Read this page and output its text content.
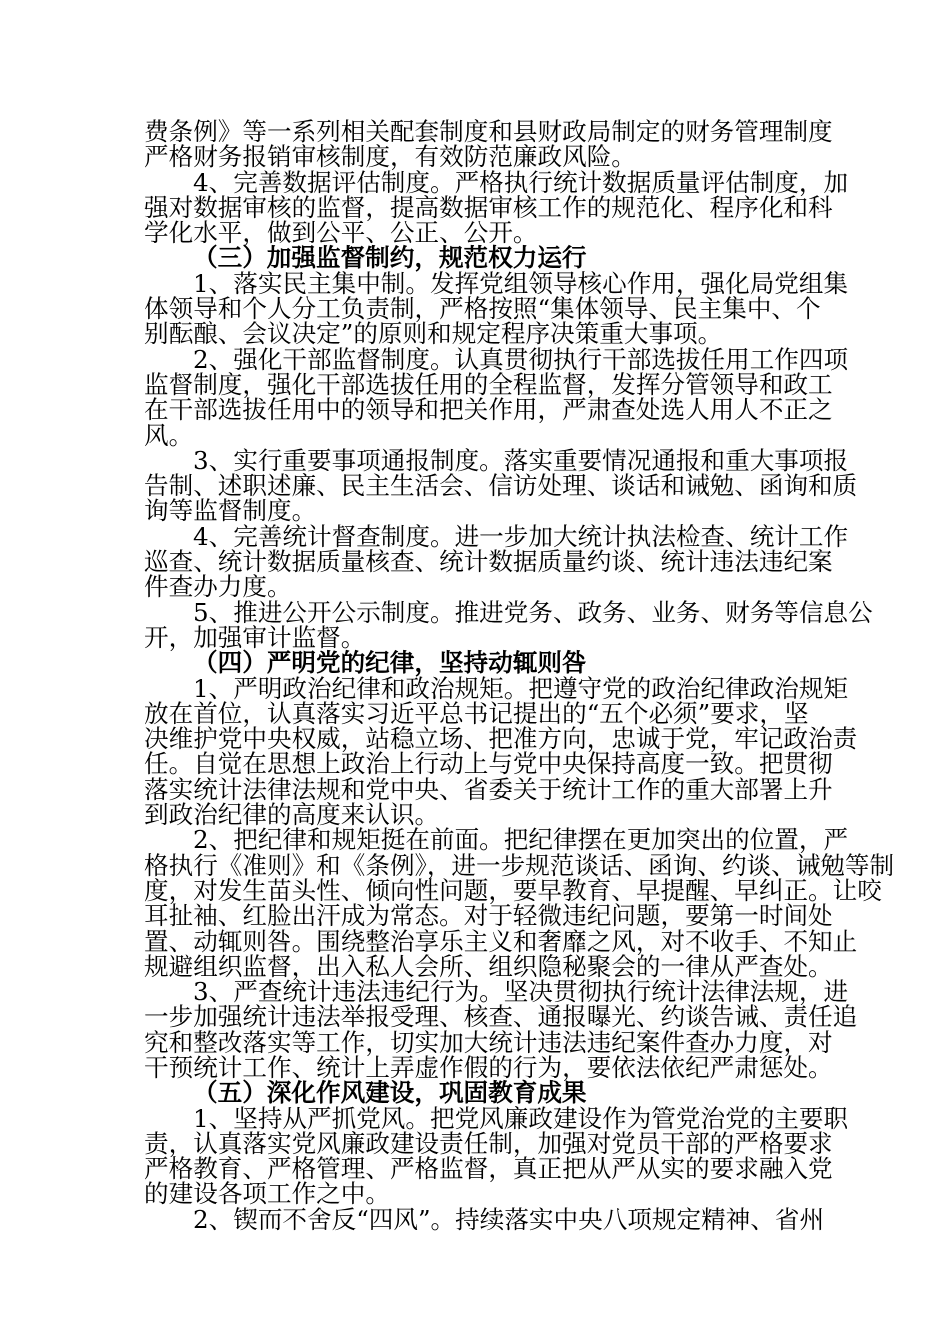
费条例》等一系列相关配套制度和县财政局制定的财务管理制度
严格财务报销审核制度，有效防范廉政风险。
4、完善数据评估制度。严格执行统计数据质量评估制度，加
强对数据审核的监督，提高数据审核工作的规范化、程序化和科
学化水平，做到公平、公正、公开。
（三）加强监督制约，规范权力运行
1、落实民主集中制。发挥党组领导核心作用，强化局党组集
体领导和个人分工负责制，严格按照“集体领导、民主集中、个
别酝酿、会议决定”的原则和规定程序决策重大事项。
2、强化干部监督制度。认真贯彻执行干部选拔任用工作四项
监督制度，强化干部选拔任用的全程监督，发挥分管领导和政工
在干部选拔任用中的领导和把关作用，严肃查处选人用人不正之
风。
3、实行重要事项通报制度。落实重要情况通报和重大事项报
告制、述职述廉、民主生活会、信访处理、谈话和诫勉、函询和质
询等监督制度。
4、完善统计督查制度。进一步加大统计执法检查、统计工作
巡查、统计数据质量核查、统计数据质量约谈、统计违法违纪案
件查办力度。
5、推进公开公示制度。推进党务、政务、业务、财务等信息公
开，加强审计监督。
（四）严明党的纪律，坚持动辄则咎
1、严明政治纪律和政治规矩。把遵守党的政治纪律政治规矩
放在首位，认真落实习近平总书记提出的“五个必须”要求，坚
决维护党中央权威，站稳立场、把准方向，忠诚于党，牢记政治责
任。自觉在思想上政治上行动上与党中央保持高度一致。把贯彻
落实统计法律法规和党中央、省委关于统计工作的重大部署上升
到政治纪律的高度来认识。
2、把纪律和规矩挺在前面。把纪律摆在更加突出的位置，严
格执行《准则》和《条例》，进一步规范谈话、函询、约谈、诫勉等制
度，对发生苗头性、倾向性问题，要早教育、早提醒、早纠正。让咬
耳扯袖、红脸出汗成为常态。对于轻微违纪问题，要第一时间处
置、动辄则咎。围绕整治享乐主义和奢靡之风，对不收手、不知止
规避组织监督，出入私人会所、组织隐秘聚会的一律从严查处。
3、严查统计违法违纪行为。坚决贯彻执行统计法律法规，进
一步加强统计违法举报受理、核查、通报曝光、约谈告诫、责任追
究和整改落实等工作，切实加大统计违法违纪案件查办力度，对
干预统计工作、统计上弄虚作假的行为，要依法依纪严肃惩处。
（五）深化作风建设，巩固教育成果
1、坚持从严抓党风。把党风廉政建设作为管党治党的主要职
责，认真落实党风廉政建设责任制，加强对党员干部的严格要求
严格教育、严格管理、严格监督，真正把从严从实的要求融入党
的建设各项工作之中。
2、锲而不舍反“四风”。持续落实中央八项规定精神、省州
